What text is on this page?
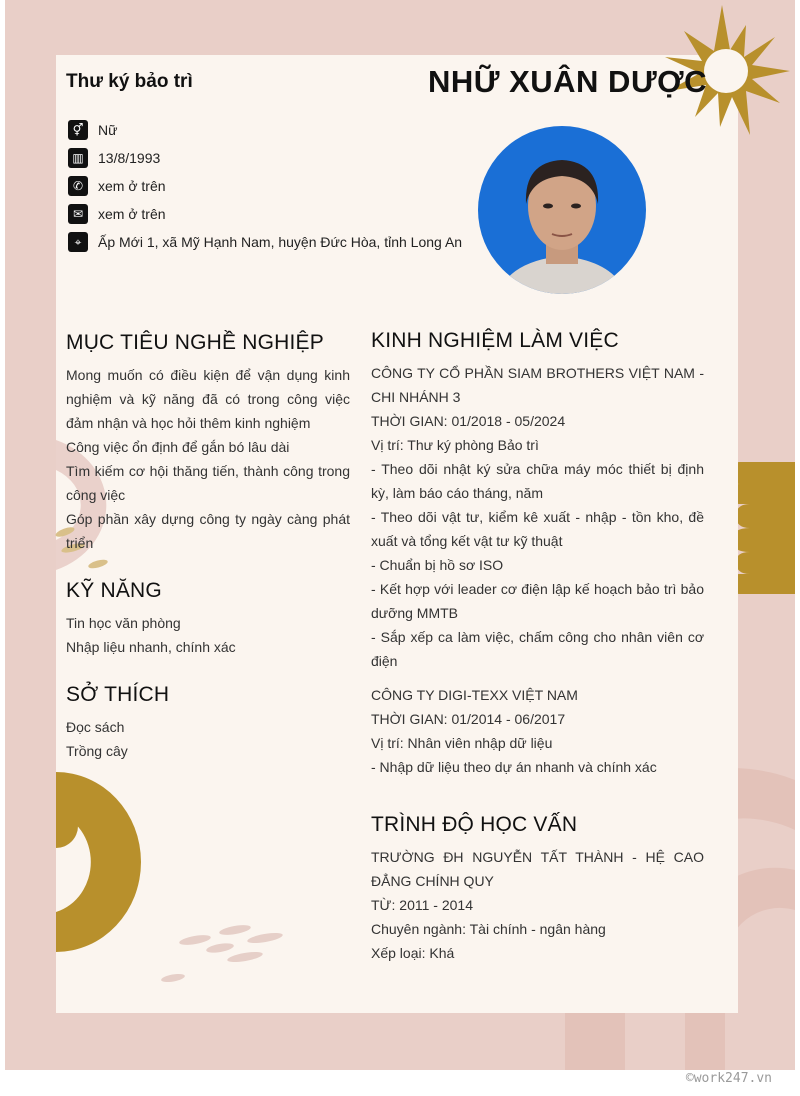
Thư ký bảo trì	NHỮ XUÂN DƯỢC
⚥	Nữ
▥	13/8/1993
✆	xem ở trên
✉	xem ở trên
⌖	Ấp Mới 1, xã Mỹ Hạnh Nam, huyện Đức Hòa, tỉnh Long An
MỤC TIÊU NGHỀ NGHIỆP
Mong muốn có điều kiện để vận dụng kinh nghiệm và kỹ năng đã có trong công việc đảm nhận và học hỏi thêm kinh nghiệm
Công việc ổn định để gắn bó lâu dài
Tìm kiếm cơ hội thăng tiến, thành công trong công việc
Góp phần xây dựng công ty ngày càng phát triển
KỸ NĂNG
Tin học văn phòng
Nhập liệu nhanh, chính xác
SỞ THÍCH
Đọc sách
Trồng cây
KINH NGHIỆM LÀM VIỆC
CÔNG TY CỔ PHẦN SIAM BROTHERS VIỆT NAM - CHI NHÁNH 3
THỜI GIAN: 01/2018 - 05/2024
Vị trí: Thư ký phòng Bảo trì
- Theo dõi nhật ký sửa chữa máy móc thiết bị định kỳ, làm báo cáo tháng, năm
- Theo dõi vật tư, kiểm kê xuất - nhập - tồn kho, đề xuất và tổng kết vật tư kỹ thuật
- Chuẩn bị hồ sơ ISO
- Kết hợp với leader cơ điện lập kế hoạch bảo trì bảo dưỡng MMTB
- Sắp xếp ca làm việc, chấm công cho nhân viên cơ điện
CÔNG TY DIGI-TEXX VIỆT NAM
THỜI GIAN: 01/2014 - 06/2017
Vị trí: Nhân viên nhập dữ liệu
- Nhập dữ liệu theo dự án nhanh và chính xác
TRÌNH ĐỘ HỌC VẤN
TRƯỜNG ĐH NGUYỄN TẤT THÀNH - HỆ CAO ĐẲNG CHÍNH QUY
TỪ: 2011 - 2014
Chuyên ngành: Tài chính - ngân hàng
Xếp loại: Khá
©work247.vn
